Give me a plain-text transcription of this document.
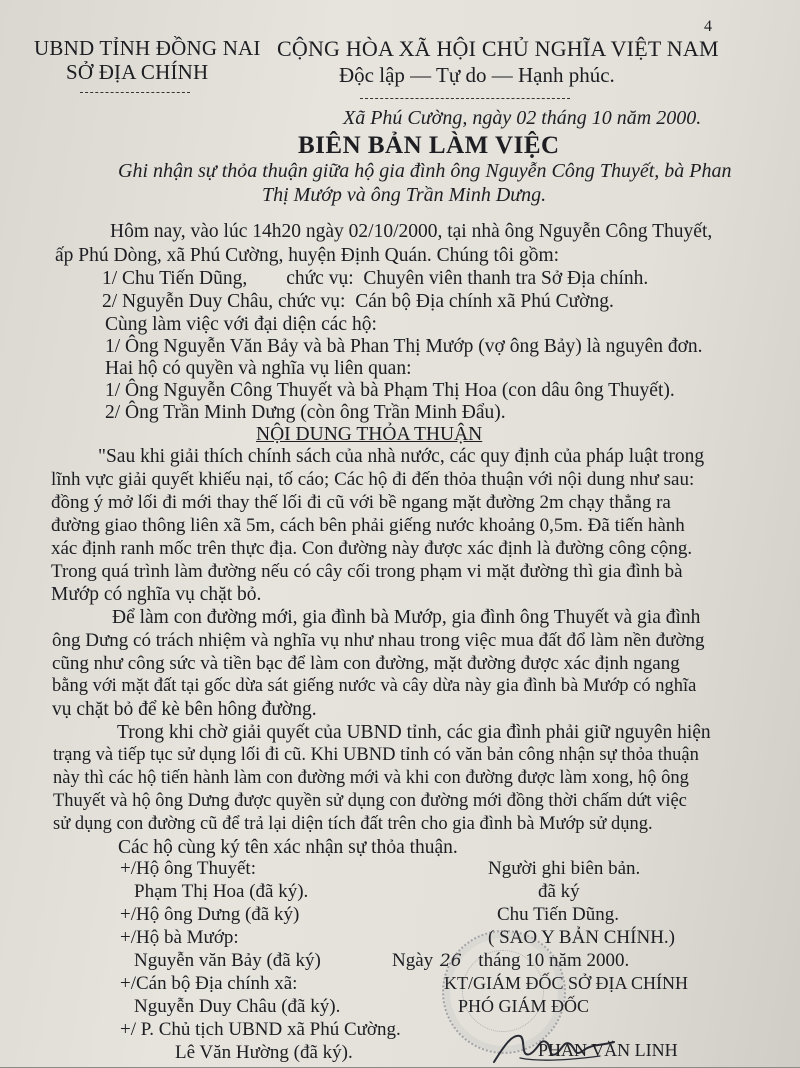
4
UBND TỈNH ĐỒNG NAI
SỞ ĐỊA CHÍNH
CỘNG HÒA XÃ HỘI CHỦ NGHĨA VIỆT NAM
Độc lập — Tự do — Hạnh phúc.
Xã Phú Cường, ngày 02 tháng 10 năm 2000.
BIÊN BẢN LÀM VIỆC
Ghi nhận sự thỏa thuận giữa hộ gia đình ông Nguyễn Công Thuyết, bà Phan
Thị Mướp và ông Trần Minh Dưng.
Hôm nay, vào lúc 14h20 ngày 02/10/2000, tại nhà ông Nguyễn Công Thuyết,
ấp Phú Dòng, xã Phú Cường, huyện Định Quán. Chúng tôi gồm:
1/ Chu Tiến Dũng,        chức vụ:  Chuyên viên thanh tra Sở Địa chính.
2/ Nguyễn Duy Châu, chức vụ:  Cán bộ Địa chính xã Phú Cường.
Cùng làm việc với đại diện các hộ:
1/ Ông Nguyễn Văn Bảy và bà Phan Thị Mướp (vợ ông Bảy) là nguyên đơn.
Hai hộ có quyền và nghĩa vụ liên quan:
1/ Ông Nguyễn Công Thuyết và bà Phạm Thị Hoa (con dâu ông Thuyết).
2/ Ông Trần Minh Dưng (còn ông Trần Minh Đẩu).
NỘI DUNG THỎA THUẬN
"Sau khi giải thích chính sách của nhà nước, các quy định của pháp luật trong
lĩnh vực giải quyết khiếu nại, tố cáo; Các hộ đi đến thỏa thuận với nội dung như sau:
đồng ý mở lối đi mới thay thế lối đi cũ với bề ngang mặt đường 2m chạy thẳng ra
đường giao thông liên xã 5m, cách bên phải giếng nước khoảng 0,5m. Đã tiến hành
xác định ranh mốc trên thực địa. Con đường này được xác định là đường công cộng.
Trong quá trình làm đường nếu có cây cối trong phạm vi mặt đường thì gia đình bà
Mướp có nghĩa vụ chặt bỏ.
Để làm con đường mới, gia đình bà Mướp, gia đình ông Thuyết và gia đình
ông Dưng có trách nhiệm và nghĩa vụ như nhau trong việc mua đất đổ làm nền đường
cũng như công sức và tiền bạc để làm con đường, mặt đường được xác định ngang
bằng với mặt đất tại gốc dừa sát giếng nước và cây dừa này gia đình bà Mướp có nghĩa
vụ chặt bỏ để kè bên hông đường.
Trong khi chờ giải quyết của UBND tỉnh, các gia đình phải giữ nguyên hiện
trạng và tiếp tục sử dụng lối đi cũ. Khi UBND tỉnh có văn bản công nhận sự thỏa thuận
này thì các hộ tiến hành làm con đường mới và khi con đường được làm xong, hộ ông
Thuyết và hộ ông Dưng được quyền sử dụng con đường mới đồng thời chấm dứt việc
sử dụng con đường cũ để trả lại diện tích đất trên cho gia đình bà Mướp sử dụng.
Các hộ cùng ký tên xác nhận sự thỏa thuận.
+/Hộ ông Thuyết:
Phạm Thị Hoa (đã ký).
+/Hộ ông Dưng (đã ký)
+/Hộ bà Mướp:
Nguyễn văn Bảy (đã ký)
+/Cán bộ Địa chính xã:
Nguyễn Duy Châu (đã ký).
+/ P. Chủ tịch UBND xã Phú Cường.
Lê Văn Hường (đã ký).
Người ghi biên bản.
đã ký
Chu Tiến Dũng.
( SAO Y BẢN CHÍNH.)
Ngày 26 tháng 10 năm 2000.
KT/GIÁM ĐỐC SỞ ĐỊA CHÍNH
PHÓ GIÁM ĐỐC
PHAN VĂN LINH
